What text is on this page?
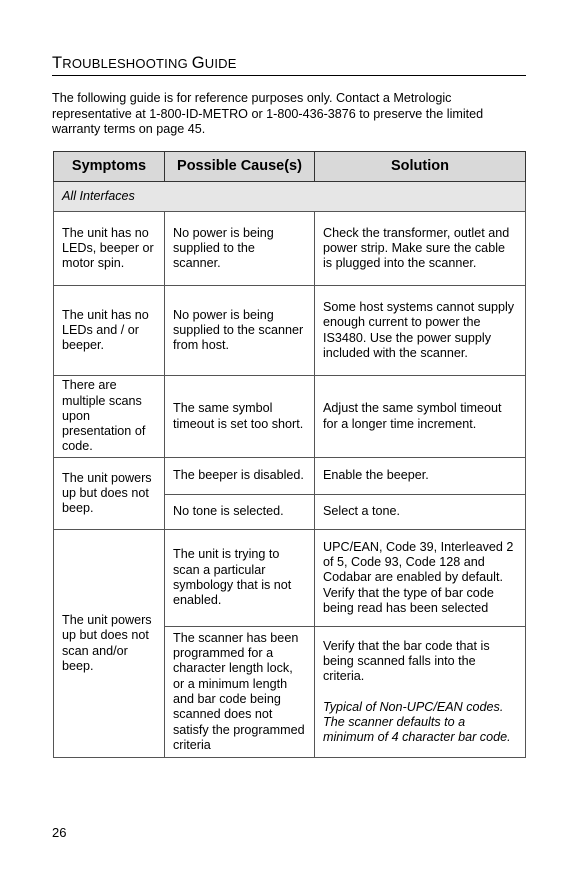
TROUBLESHOOTING GUIDE
The following guide is for reference purposes only. Contact a Metrologic representative at 1-800-ID-METRO or 1-800-436-3876 to preserve the limited warranty terms on page 45.
Symptoms	Possible Cause(s)	Solution
All Interfaces		
The unit has no LEDs, beeper or motor spin.	No power is being supplied to the scanner.	Check the transformer, outlet and power strip. Make sure the cable is plugged into the scanner.
The unit has no LEDs and / or beeper.	No power is being supplied to the scanner from host.	Some host systems cannot supply enough current to power the IS3480. Use the power supply included with the scanner.
There are multiple scans upon presentation of code.	The same symbol timeout is set too short.	Adjust the same symbol timeout for a longer time increment.
The unit powers up but does not beep.	The beeper is disabled.	Enable the beeper.
	No tone is selected.	Select a tone.
The unit powers up but does not scan and/or beep.	The unit is trying to scan a particular symbology that is not enabled.	UPC/EAN, Code 39, Interleaved 2 of 5, Code 93, Code 128 and Codabar are enabled by default. Verify that the type of bar code being read has been selected
	The scanner has been programmed for a character length lock, or a minimum length and bar code being scanned does not satisfy the programmed criteria	Verify that the bar code that is being scanned falls into the criteria.
Typical of Non-UPC/EAN codes. The scanner defaults to a minimum of 4 character bar code.
26
